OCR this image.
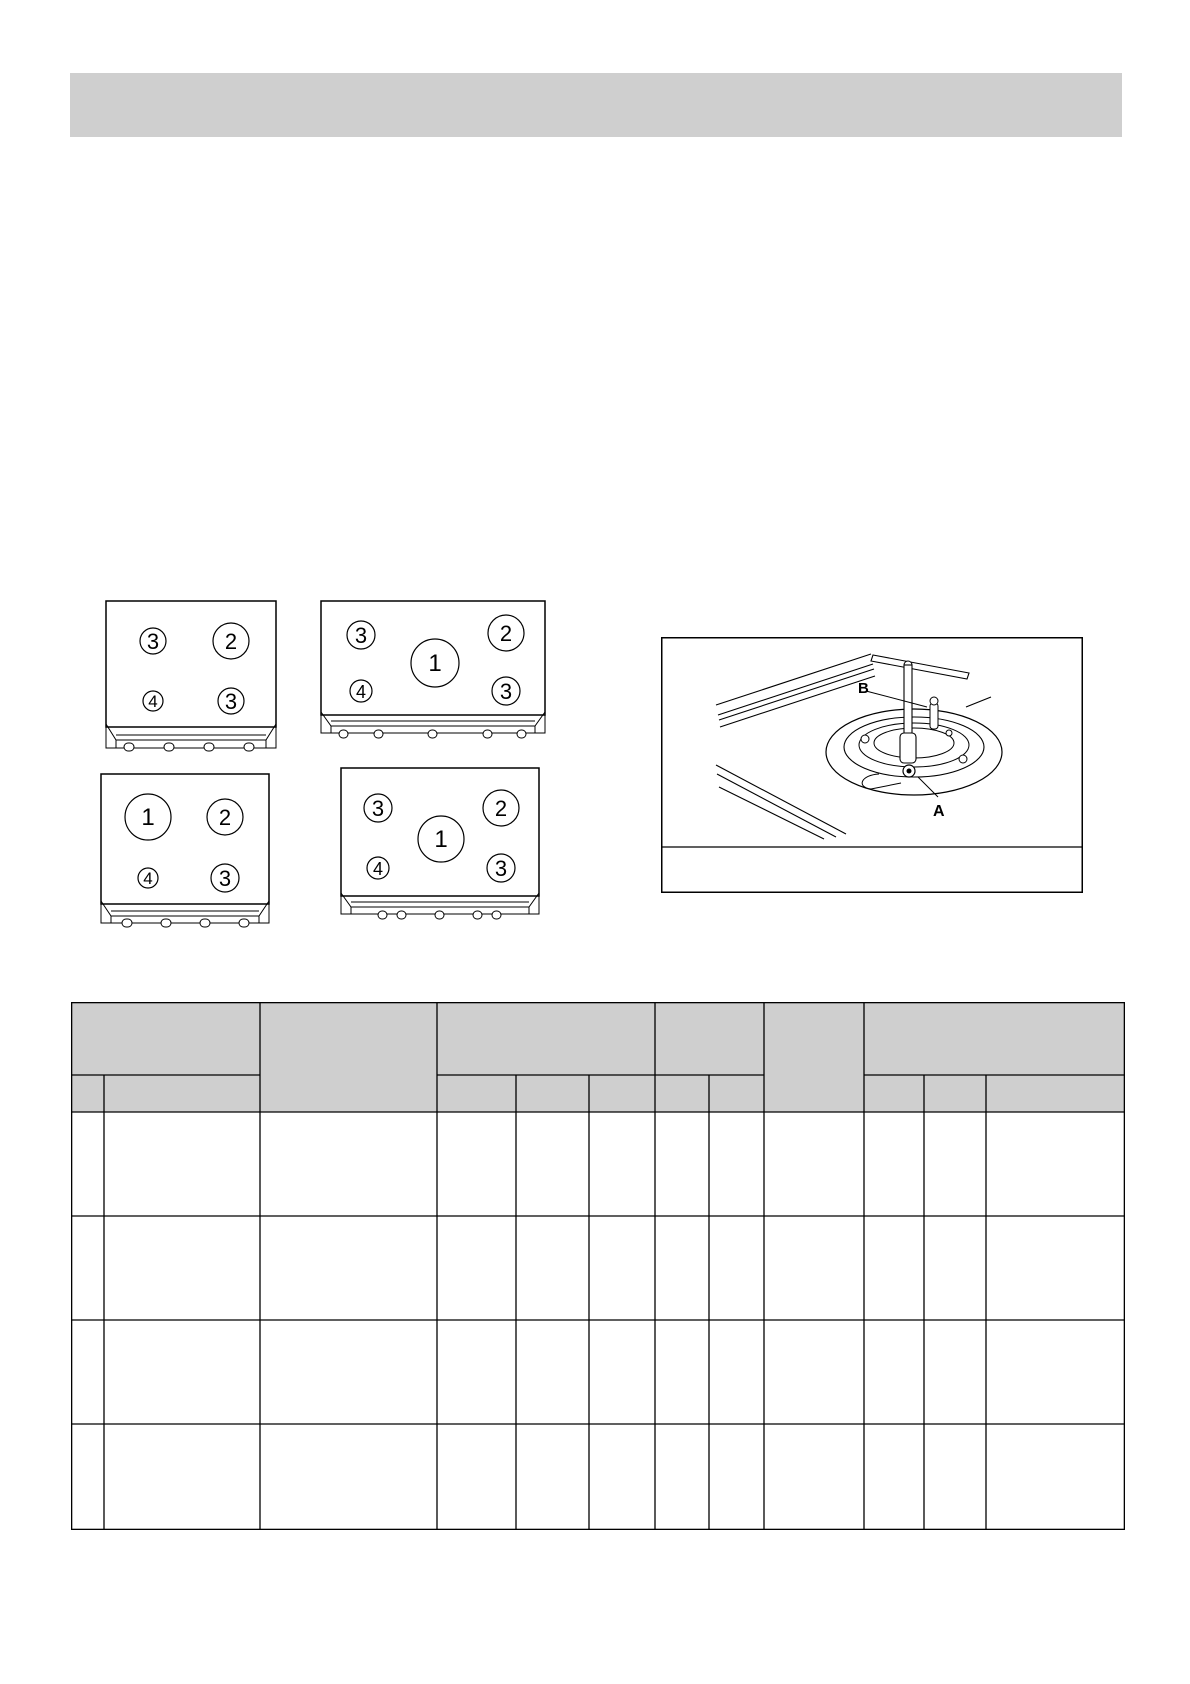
3	2
4	3
3
1
2
4	3
1	2
4	3
3
1
2
4	3
A
B
